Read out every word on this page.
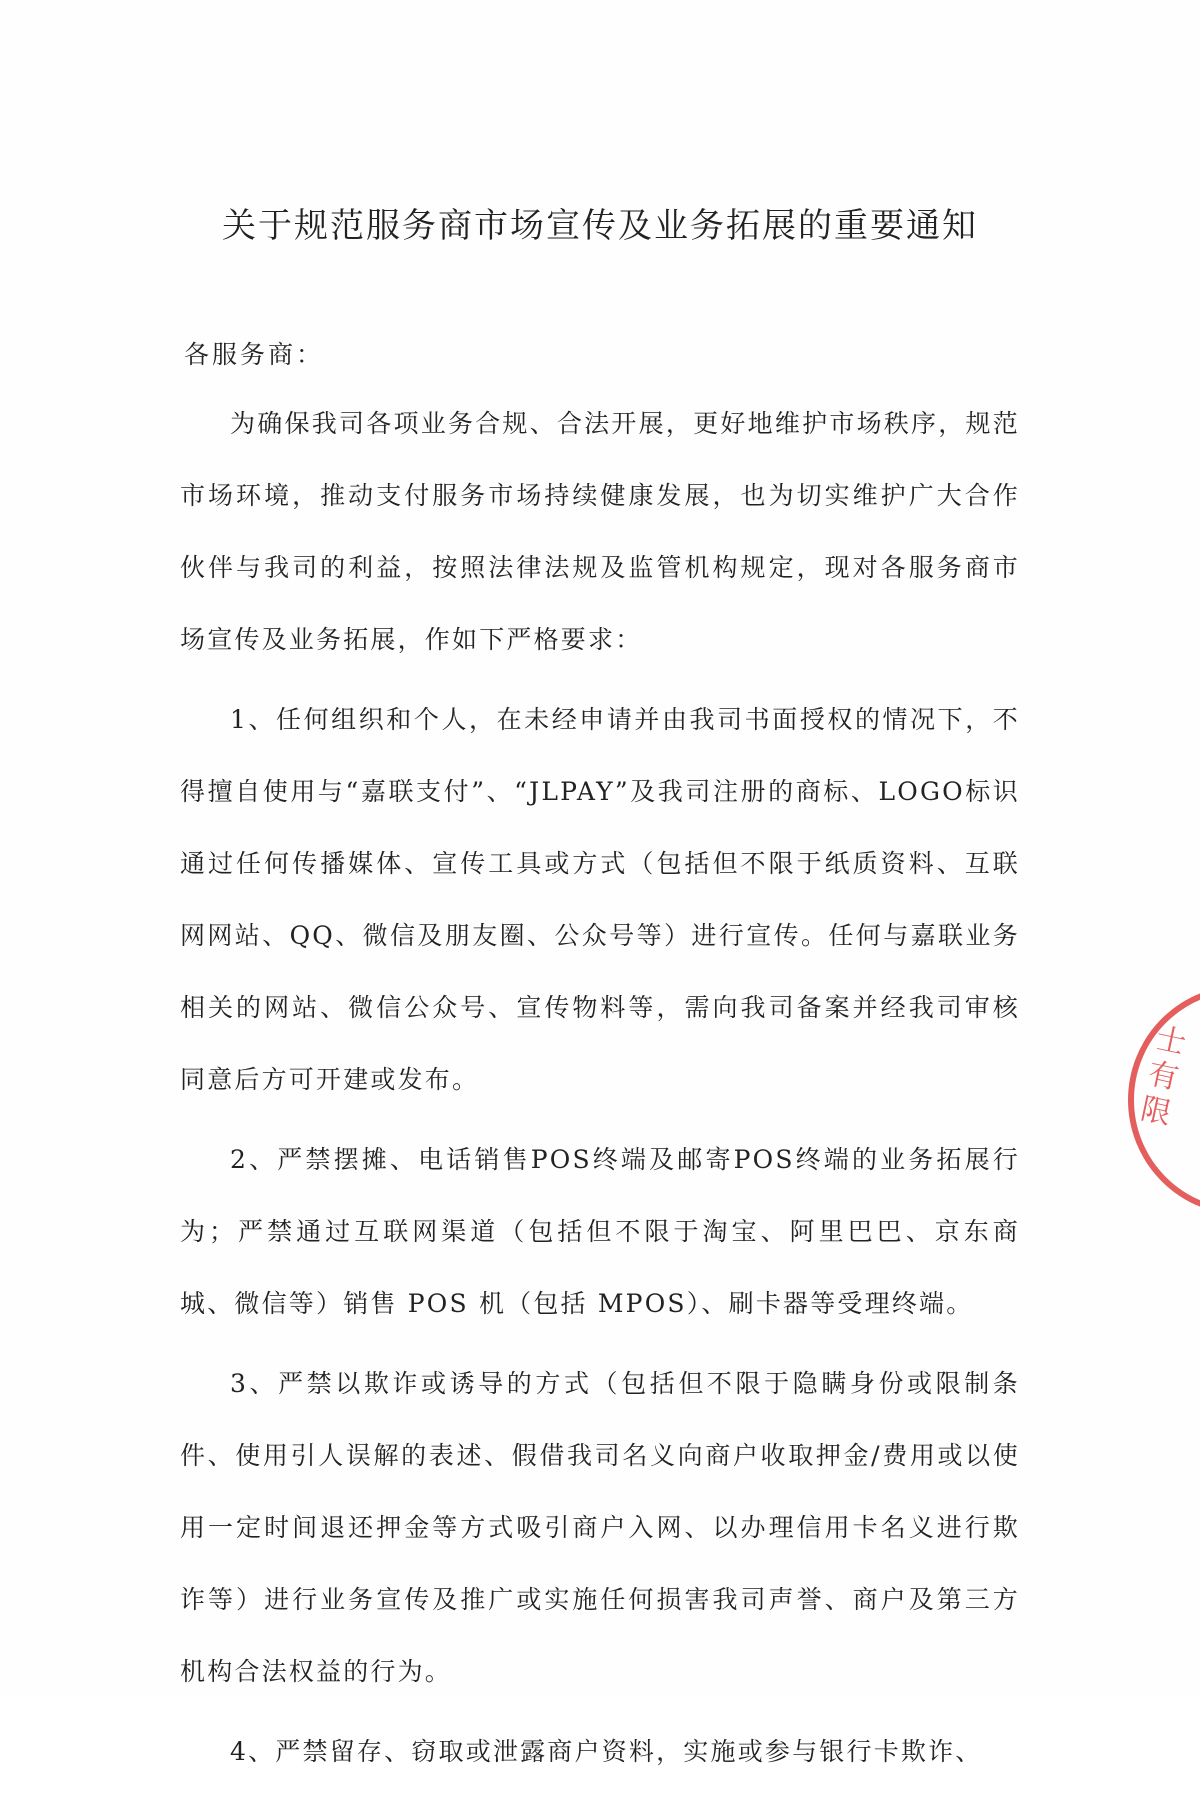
关于规范服务商市场宣传及业务拓展的重要通知
各服务商：

为确保我司各项业务合规、合法开展，更好地维护市场秩序，规范市场环境，推动支付服务市场持续健康发展，也为切实维护广大合作伙伴与我司的利益，按照法律法规及监管机构规定，现对各服务商市场宣传及业务拓展，作如下严格要求：

1、任何组织和个人，在未经申请并由我司书面授权的情况下，不得擅自使用与“嘉联支付”、“JLPAY”及我司注册的商标、LOGO标识通过任何传播媒体、宣传工具或方式（包括但不限于纸质资料、互联网网站、QQ、微信及朋友圈、公众号等）进行宣传。任何与嘉联业务相关的网站、微信公众号、宣传物料等，需向我司备案并经我司审核同意后方可开建或发布。

2、严禁摆摊、电话销售POS终端及邮寄POS终端的业务拓展行为；严禁通过互联网渠道（包括但不限于淘宝、阿里巴巴、京东商城、微信等）销售 POS 机（包括 MPOS）、刷卡器等受理终端。

3、严禁以欺诈或诱导的方式（包括但不限于隐瞒身份或限制条件、使用引人误解的表述、假借我司名义向商户收取押金/费用或以使用一定时间退还押金等方式吸引商户入网、以办理信用卡名义进行欺诈等）进行业务宣传及推广或实施任何损害我司声誉、商户及第三方机构合法权益的行为。

4、严禁留存、窃取或泄露商户资料，实施或参与银行卡欺诈、

士有限
